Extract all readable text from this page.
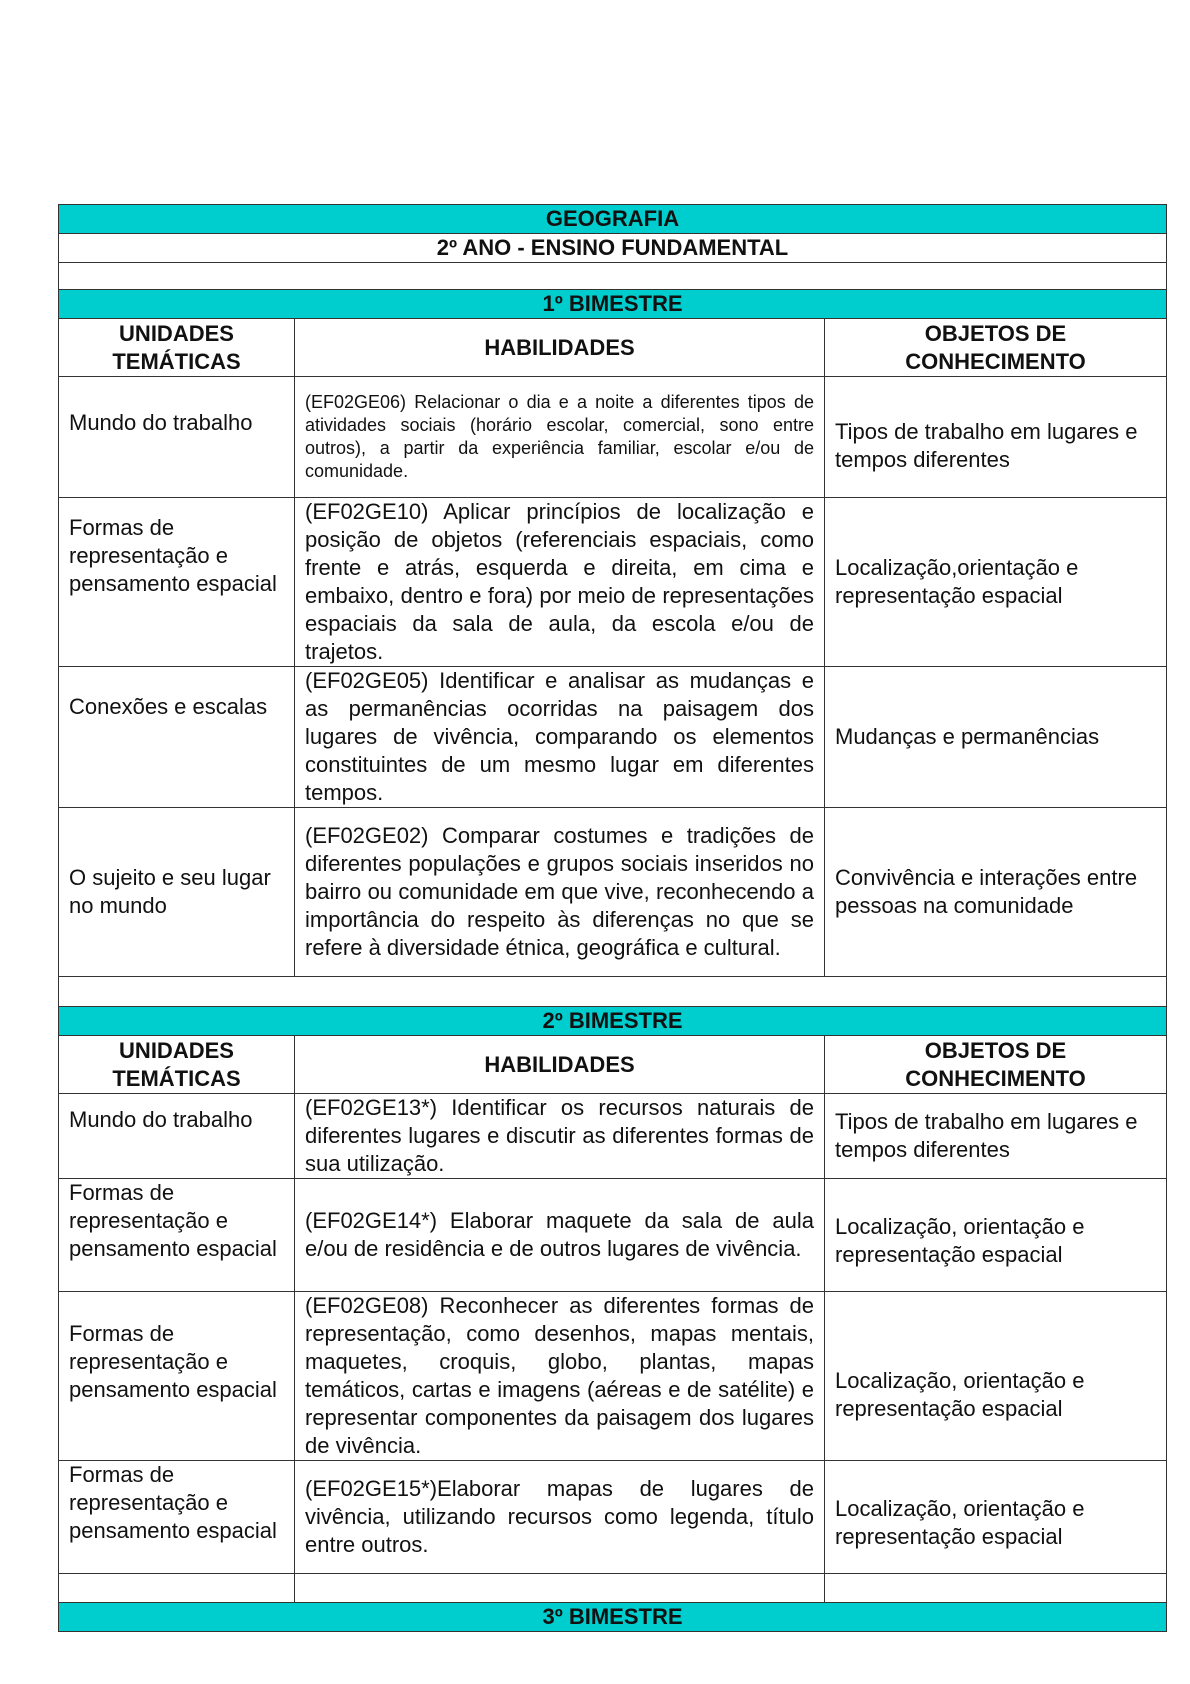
GEOGRAFIA		
2º ANO - ENSINO FUNDAMENTAL		

1º BIMESTRE		
UNIDADES TEMÁTICAS	HABILIDADES	OBJETOS DE CONHECIMENTO
Mundo do trabalho	(EF02GE06) Relacionar o dia e a noite a diferentes tipos de atividades sociais (horário escolar, comercial, sono entre outros), a partir da experiência familiar, escolar e/ou de comunidade.	Tipos de trabalho em lugares e tempos diferentes
Formas de representação e pensamento espacial	(EF02GE10) Aplicar princípios de localização e posição de objetos (referenciais espaciais, como frente e atrás, esquerda e direita, em cima e embaixo, dentro e fora) por meio de representações espaciais da sala de aula, da escola e/ou de trajetos.	Localização,orientação e representação espacial
Conexões e escalas	(EF02GE05) Identificar e analisar as mudanças e as permanências ocorridas na paisagem dos lugares de vivência, comparando os elementos constituintes de um mesmo lugar em diferentes tempos.	Mudanças e permanências
O sujeito e seu lugar no mundo	(EF02GE02) Comparar costumes e tradições de diferentes populações e grupos sociais inseridos no bairro ou comunidade em que vive, reconhecendo a importância do respeito às diferenças no que se refere à diversidade étnica, geográfica e cultural.	Convivência e interações entre pessoas na comunidade

2º BIMESTRE		
UNIDADES TEMÁTICAS	HABILIDADES	OBJETOS DE CONHECIMENTO
Mundo do trabalho	(EF02GE13*) Identificar os recursos naturais de diferentes lugares e discutir as diferentes formas de sua utilização.	Tipos de trabalho em lugares e tempos diferentes
Formas de representação e pensamento espacial	(EF02GE14*) Elaborar maquete da sala de aula e/ou de residência e de outros lugares de vivência.	Localização, orientação e representação espacial
Formas de representação e pensamento espacial	(EF02GE08) Reconhecer as diferentes formas de representação, como desenhos, mapas mentais, maquetes, croquis, globo, plantas, mapas temáticos, cartas e imagens (aéreas e de satélite) e representar componentes da paisagem dos lugares de vivência.	Localização, orientação e representação espacial
Formas de representação e pensamento espacial	(EF02GE15*)Elaborar mapas de lugares de vivência, utilizando recursos como legenda, título entre outros.	Localização, orientação e representação espacial

3º BIMESTRE		
